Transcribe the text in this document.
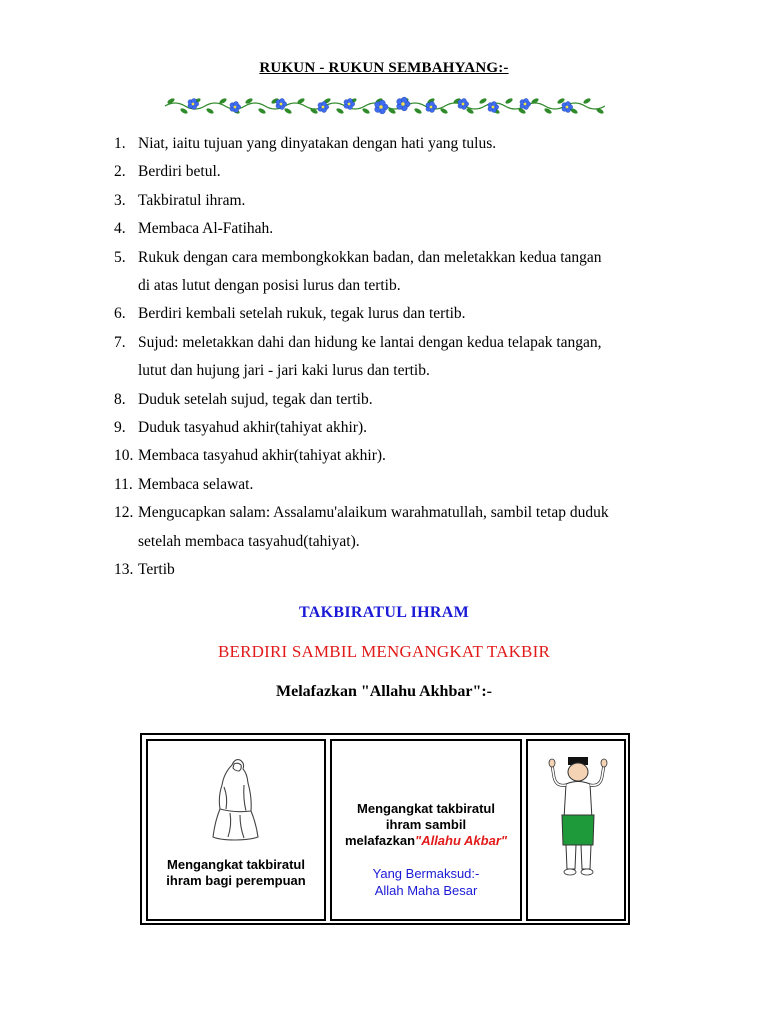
RUKUN - RUKUN SEMBAHYANG:-
1. Niat, iaitu tujuan yang dinyatakan dengan hati yang tulus.
2. Berdiri betul.
3. Takbiratul ihram.
4. Membaca Al-Fatihah.
5. Rukuk dengan cara membongkokkan badan, dan meletakkan kedua tangan
di atas lutut dengan posisi lurus dan tertib.
6. Berdiri kembali setelah rukuk, tegak lurus dan tertib.
7. Sujud: meletakkan dahi dan hidung ke lantai dengan kedua telapak tangan,
lutut dan hujung jari - jari kaki lurus dan tertib.
8. Duduk setelah sujud, tegak dan tertib.
9. Duduk tasyahud akhir(tahiyat akhir).
10. Membaca tasyahud akhir(tahiyat akhir).
11. Membaca selawat.
12. Mengucapkan salam: Assalamu'alaikum warahmatullah, sambil tetap duduk
setelah membaca tasyahud(tahiyat).
13. Tertib
TAKBIRATUL IHRAM
BERDIRI SAMBIL MENGANGKAT TAKBIR
Melafazkan "Allahu Akhbar":-
Mengangkat takbiratul
ihram bagi perempuan
Mengangkat takbiratul
ihram sambil
melafazkan"Allahu Akbar"
Yang Bermaksud:-
Allah Maha Besar
